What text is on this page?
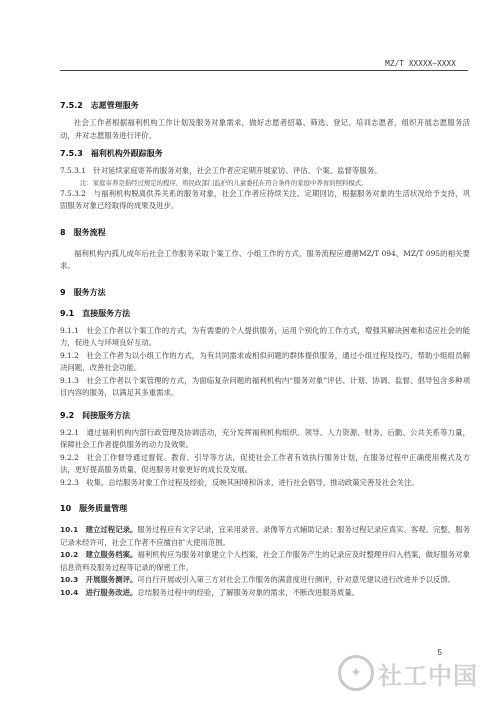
MZ/T XXXXX—XXXX

7.5.2　志愿管理服务

社会工作者根据福利机构工作计划及服务对象需求，做好志愿者招募、筛选、登记、培训志愿者，组织开展志愿服务活动，并对志愿服务进行评价。

7.5.3　福利机构外跟踪服务

7.5.3.1　针对延续家庭寄养的服务对象，社会工作者应定期开展家访、评估、个案、监督等服务。

注：家庭寄养是指经过规定的程序，将民政部门监护的儿童委托在符合条件的家庭中养育的照料模式。

7.5.3.2　与福利机构脱离供养关系的服务对象，社会工作者应持续关注、定期回访，根据服务对象的生活状况给予支持，巩固服务对象已经取得的成果及进步。

8　服务流程

福利机构内孤儿成年后社会工作服务采取个案工作、小组工作的方式，服务流程应遵循MZ/T 094、MZ/T 095的相关要求。

9　服务方法

9.1　直接服务方法

9.1.1　社会工作者以个案工作的方式，为有需要的个人提供服务，运用个别化的工作方式，增强其解决困难和适应社会的能力，促进人与环境良好互动。

9.1.2　社会工作者为以小组工作的方式，为有共同需求或相似问题的群体提供服务，通过小组过程及技巧，帮助小组组员解决问题，改善社会功能。

9.1.3　社会工作者以个案管理的方式，为面临复杂问题的福利机构内“服务对象”评估、计划、协调、监督、倡导包含多种项目内容的服务，以满足其多重需求。

9.2　间接服务方法

9.2.1　通过福利机构内部行政管理及协调活动，充分发挥福利机构组织、领导、人力资源、财务、后勤、公共关系等力量，保障社会工作者提供服务的动力及效果。

9.2.2　社会工作督导通过督促、教育、引导等方法，促使社会工作者有效执行服务计划，在服务过程中正确使用模式及方法，更好提高服务质量，促进服务对象更好的成长及发展。

9.2.3　收集、总结服务对象工作过程及经验，反映其困境和诉求，进行社会倡导，推动政策完善及社会关注。

10　服务质量管理

10.1　建立过程记录。服务过程应有文字记录，宜采用录音、录像等方式辅助记录；服务过程记录应真实、客观、完整，服务记录未经许可，社会工作者不应擅自扩大使用范围。

10.2　建立服务档案。福利机构应为服务对象建立个人档案，社会工作服务产生的记录应及时整理并归入档案，做好服务对象信息资料及服务过程等记录的保密工作。

10.3　开展服务测评。可自行开展或引入第三方对社会工作服务的满意度进行测评，针对意见建议进行改进并予以反馈。

10.4　进行服务改进。总结服务过程中的经验，了解服务对象的需求，不断改进服务质量。

5
✦ 社工中国
